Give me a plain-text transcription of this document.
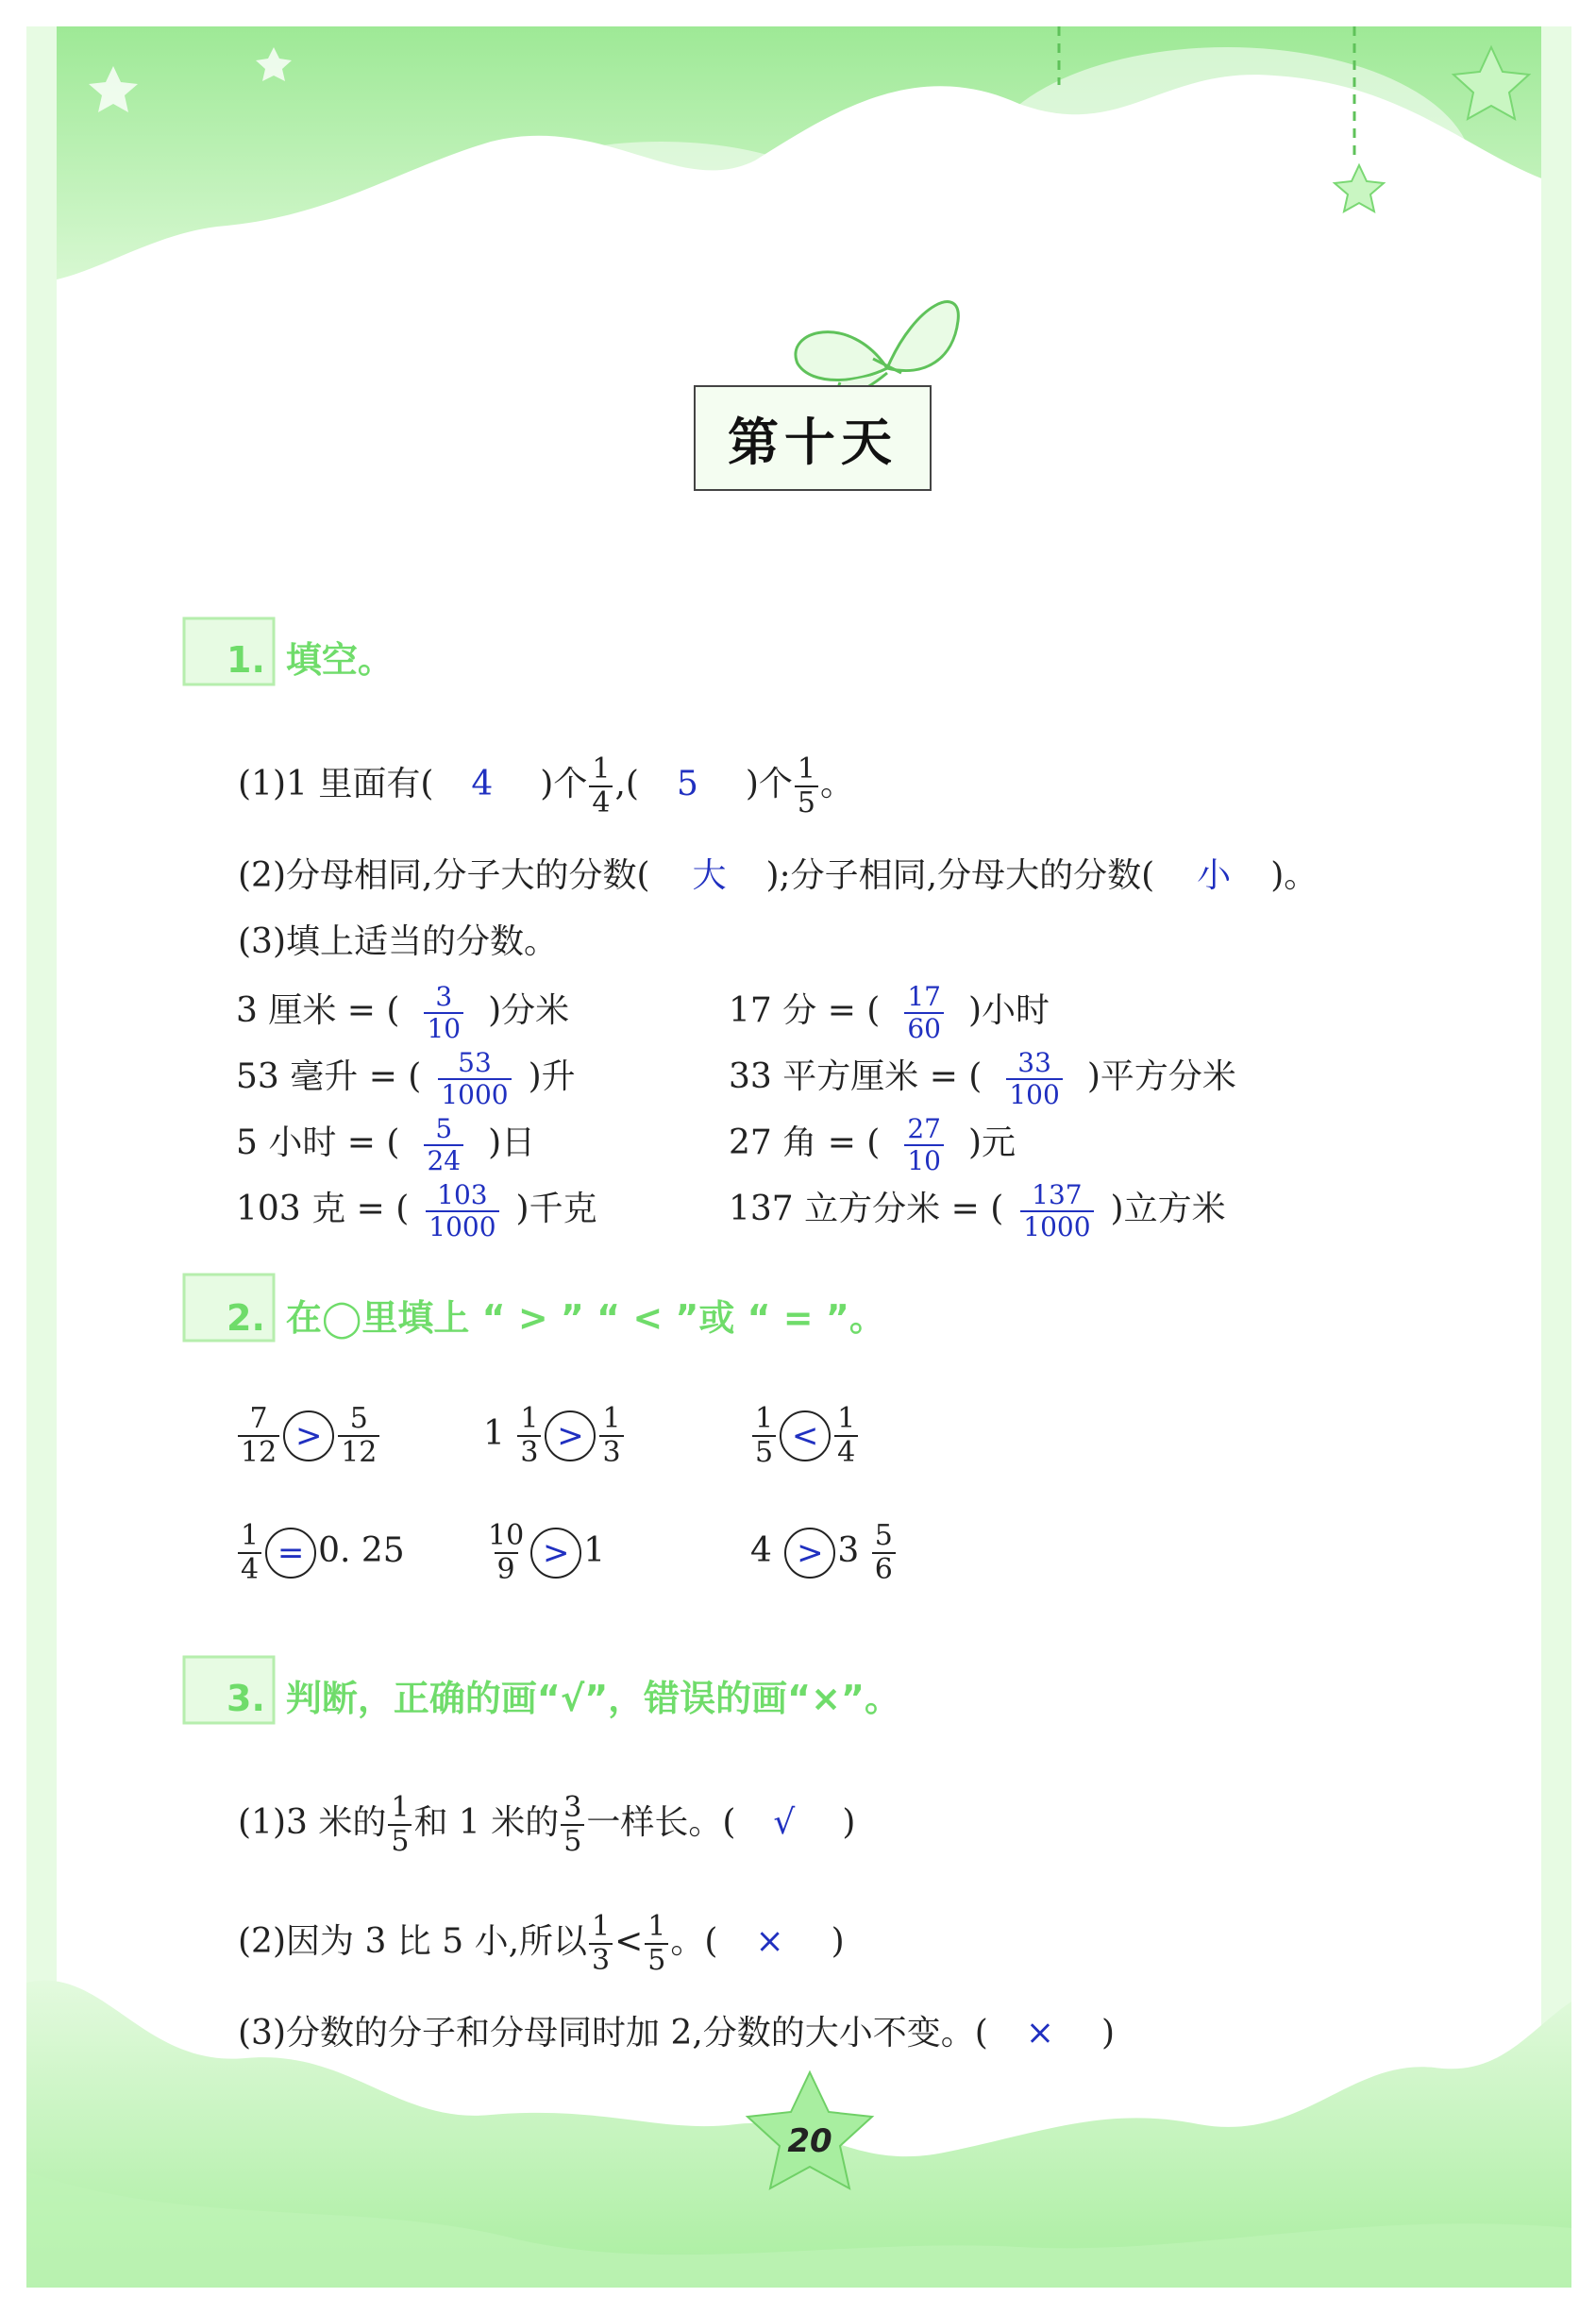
第十天
1. 填空。
(1)1 里面有( 4 )个 $\frac{1}{4}$ ,( 5 )个 $\frac{1}{5}$ 。
(2)分母相同,分子大的分数( 大 );分子相同,分母大的分数( 小 )。
(3)填上适当的分数。
3 厘米 = ( $\frac{3}{10}$ )分米	17 分 = ( $\frac{17}{60}$ )小时
53 毫升 = ( $\frac{53}{1000}$ )升	33 平方厘米 = ( $\frac{33}{100}$ )平方分米
5 小时 = ( $\frac{5}{24}$ )日	27 角 = ( $\frac{27}{10}$ )元
103 克 = ( $\frac{103}{1000}$ )千克	137 立方分米 = ( $\frac{137}{1000}$ )立方米
2. 在◯里填上 “ > ” “ < ”或 “ = ”。
$\frac{7}{12} > \frac{5}{12}$	$1 \frac{1}{3} > \frac{1}{3}$	$\frac{1}{5} < \frac{1}{4}$
$\frac{1}{4} = 0$. 25	$\frac{10}{9} > 1$	$4 > 3 \frac{5}{6}$
3. 判断，正确的画“√”，错误的画“×”。
(1)3 米的 $\frac{1}{5}$ 和 1 米的 $\frac{3}{5}$ 一样长。( √ )
(2)因为 3 比 5 小,所以 $\frac{1}{3} < \frac{1}{5}$ 。( × )
(3)分数的分子和分母同时加 2,分数的大小不变。( × )
20
